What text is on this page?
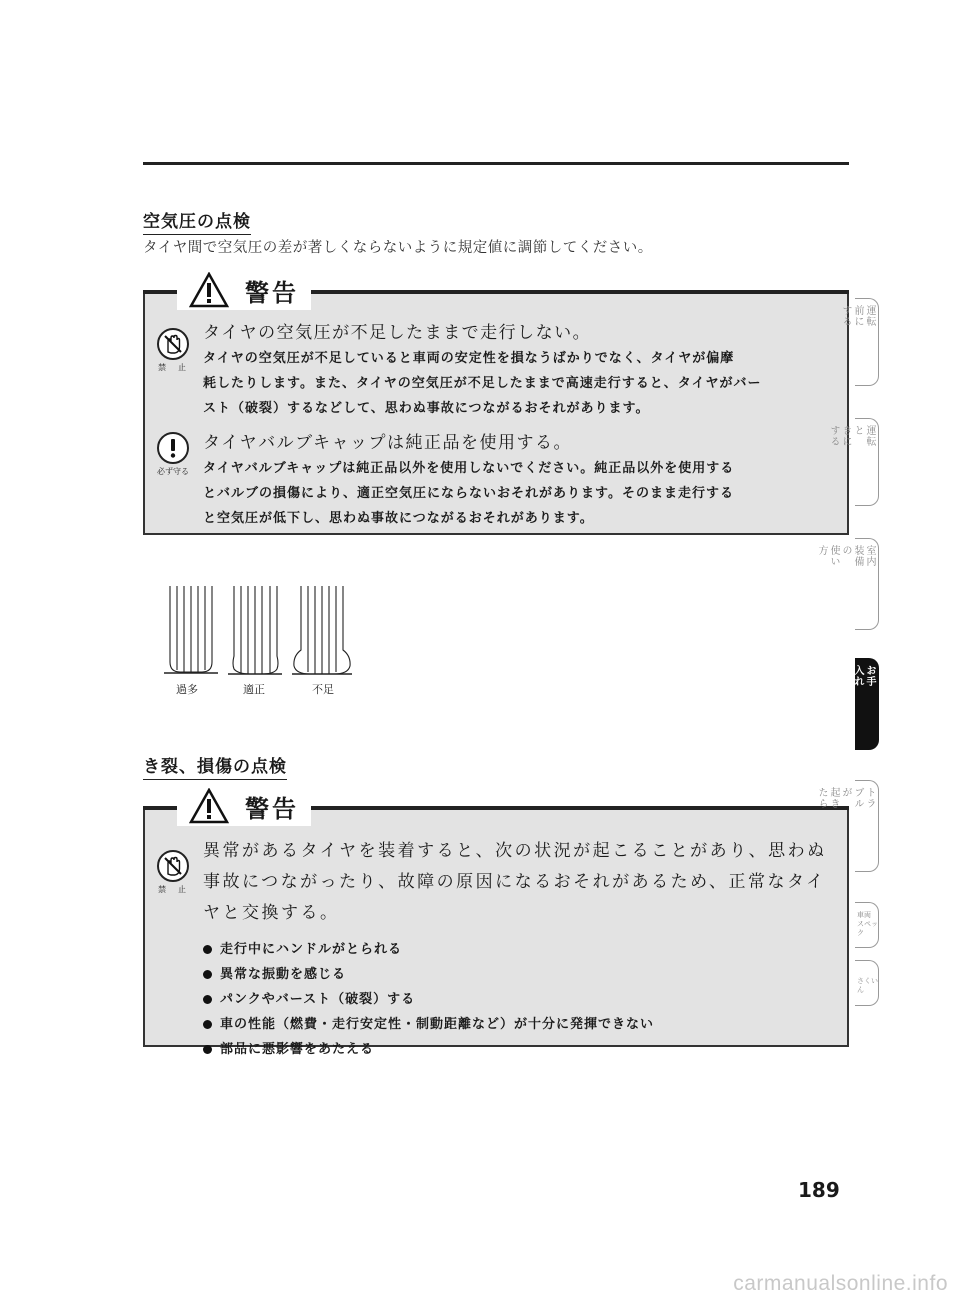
空気圧の点検
タイヤ間で空気圧の差が著しくならないように規定値に調節してください。
警告
禁　止
タイヤの空気圧が不足したままで走行しない。
タイヤの空気圧が不足していると車両の安定性を損なうばかりでなく、タイヤが偏摩
耗したりします。また、タイヤの空気圧が不足したままで高速走行すると、タイヤがバー
スト（破裂）するなどして、思わぬ事故につながるおそれがあります。
必ず守る
タイヤバルブキャップは純正品を使用する。
タイヤバルブキャップは純正品以外を使用しないでください。純正品以外を使用する
とバルブの損傷により、適正空気圧にならないおそれがあります。そのまま走行する
と空気圧が低下し、思わぬ事故につながるおそれがあります。
過多	適正	不足
き裂、損傷の点検
警告
禁　止
異常があるタイヤを装着すると、次の状況が起こることがあり、思わぬ
事故につながったり、故障の原因になるおそれがあるため、正常なタイ
ヤと交換する。
走行中にハンドルがとられる
異常な振動を感じる
パンクやバースト（破裂）する
車の性能（燃費・走行安定性・制動距離など）が十分に発揮できない
部品に悪影響をあたえる
運転
前に
する
運転
と
きに
する
室内
装備
の
使い
方
お手
入れ
の
しか
た
トラ
ブル
が
起き
たら
車両 スペック
さくいん
189
carmanualsonline.info
